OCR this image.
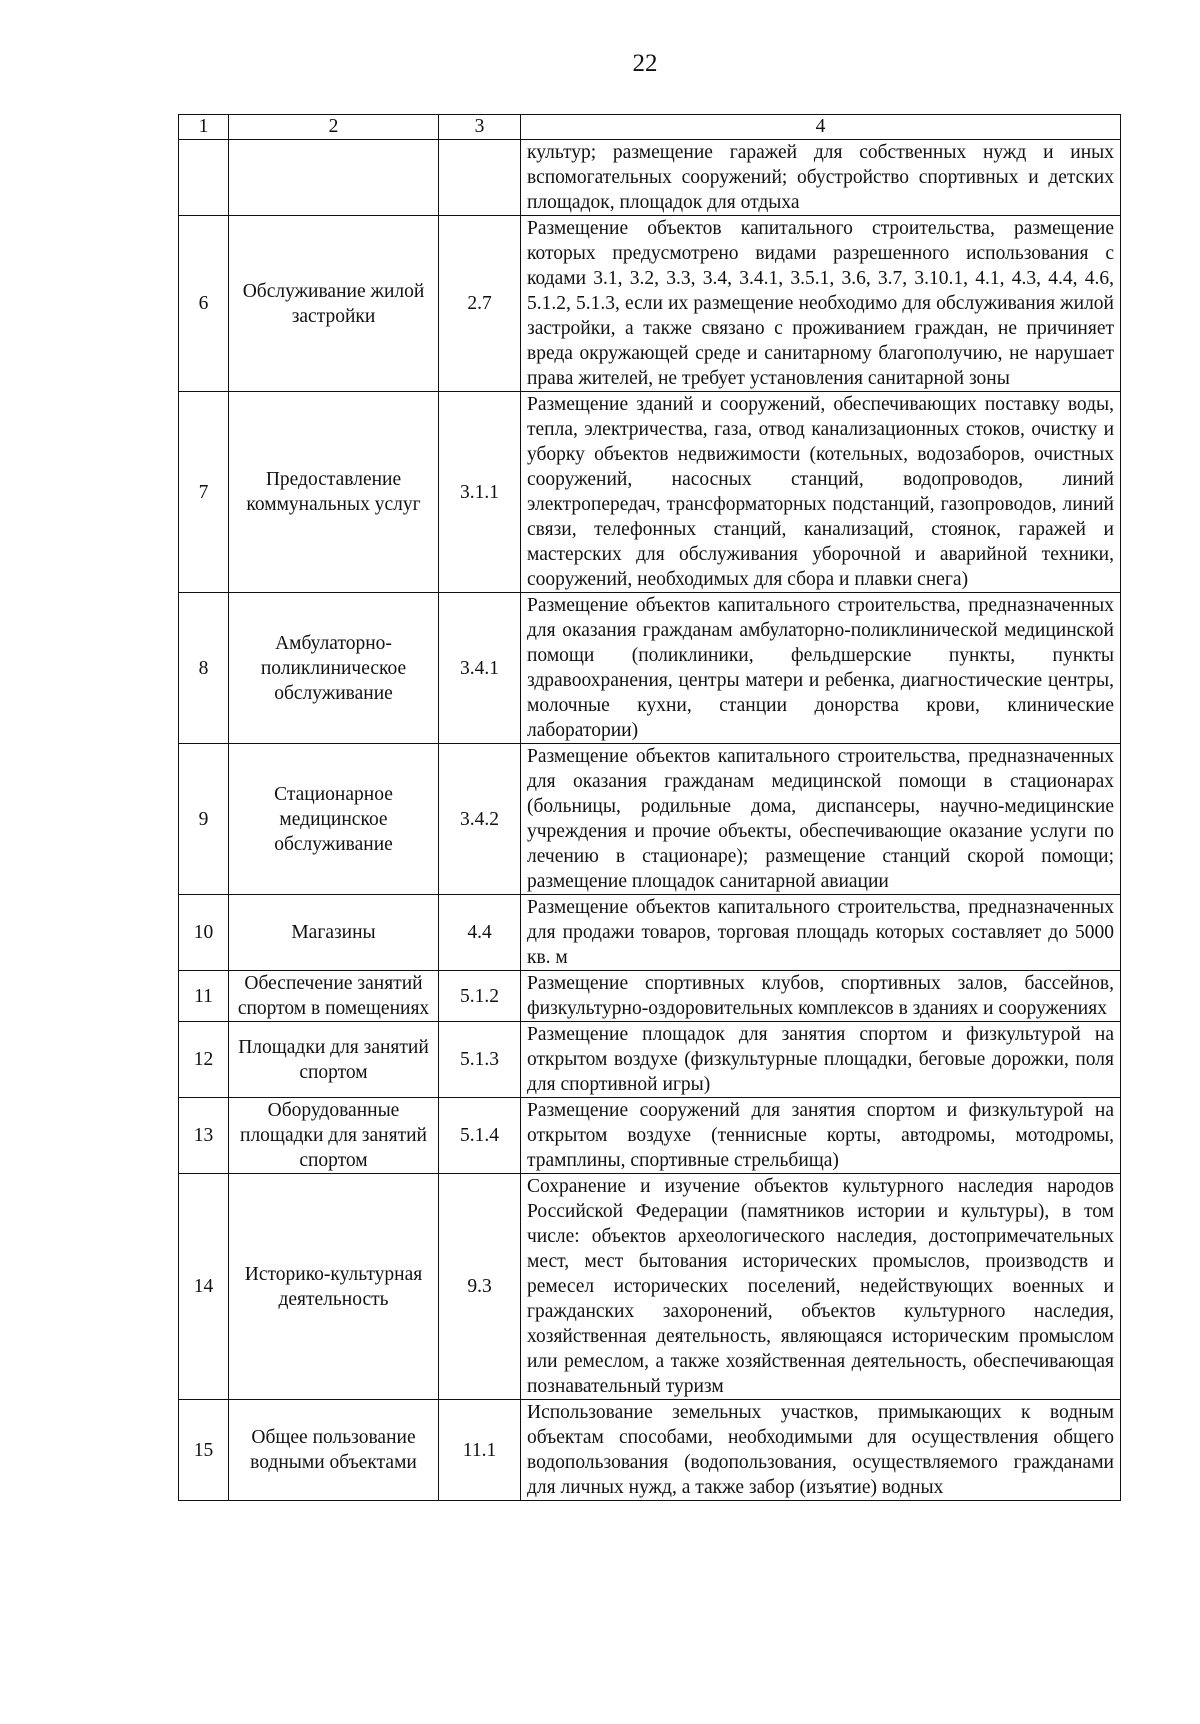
22
1	2	3	4
			культур; размещение гаражей для собственных нужд и иных вспомогательных сооружений; обустройство спортивных и детских площадок, площадок для отдыха
6	Обслуживание жилой застройки	2.7	Размещение объектов капитального строительства, размещение которых предусмотрено видами разрешенного использования с кодами 3.1, 3.2, 3.3, 3.4, 3.4.1, 3.5.1, 3.6, 3.7, 3.10.1, 4.1, 4.3, 4.4, 4.6, 5.1.2, 5.1.3, если их размещение необходимо для обслуживания жилой застройки, а также связано с проживанием граждан, не причиняет вреда окружающей среде и санитарному благополучию, не нарушает права жителей, не требует установления санитарной зоны
7	Предоставление коммунальных услуг	3.1.1	Размещение зданий и сооружений, обеспечивающих поставку воды, тепла, электричества, газа, отвод канализационных стоков, очистку и уборку объектов недвижимости (котельных, водозаборов, очистных сооружений, насосных станций, водопроводов, линий электропередач, трансформаторных подстанций, газопроводов, линий связи, телефонных станций, канализаций, стоянок, гаражей и мастерских для обслуживания уборочной и аварийной техники, сооружений, необходимых для сбора и плавки снега)
8	Амбулаторно-поликлиническое обслуживание	3.4.1	Размещение объектов капитального строительства, предназначенных для оказания гражданам амбулаторно-поликлинической медицинской помощи (поликлиники, фельдшерские пункты, пункты здравоохранения, центры матери и ребенка, диагностические центры, молочные кухни, станции донорства крови, клинические лаборатории)
9	Стационарное медицинское обслуживание	3.4.2	Размещение объектов капитального строительства, предназначенных для оказания гражданам медицинской помощи в стационарах (больницы, родильные дома, диспансеры, научно-медицинские учреждения и прочие объекты, обеспечивающие оказание услуги по лечению в стационаре); размещение станций скорой помощи; размещение площадок санитарной авиации
10	Магазины	4.4	Размещение объектов капитального строительства, предназначенных для продажи товаров, торговая площадь которых составляет до 5000 кв. м
11	Обеспечение занятий спортом в помещениях	5.1.2	Размещение спортивных клубов, спортивных залов, бассейнов, физкультурно-оздоровительных комплексов в зданиях и сооружениях
12	Площадки для занятий спортом	5.1.3	Размещение площадок для занятия спортом и физкультурой на открытом воздухе (физкультурные площадки, беговые дорожки, поля для спортивной игры)
13	Оборудованные площадки для занятий спортом	5.1.4	Размещение сооружений для занятия спортом и физкультурой на открытом воздухе (теннисные корты, автодромы, мотодромы, трамплины, спортивные стрельбища)
14	Историко-культурная деятельность	9.3	Сохранение и изучение объектов культурного наследия народов Российской Федерации (памятников истории и культуры), в том числе: объектов археологического наследия, достопримечательных мест, мест бытования исторических промыслов, производств и ремесел исторических поселений, недействующих военных и гражданских захоронений, объектов культурного наследия, хозяйственная деятельность, являющаяся историческим промыслом или ремеслом, а также хозяйственная деятельность, обеспечивающая познавательный туризм
15	Общее пользование водными объектами	11.1	Использование земельных участков, примыкающих к водным объектам способами, необходимыми для осуществления общего водопользования (водопользования, осуществляемого гражданами для личных нужд, а также забор (изъятие) водных
